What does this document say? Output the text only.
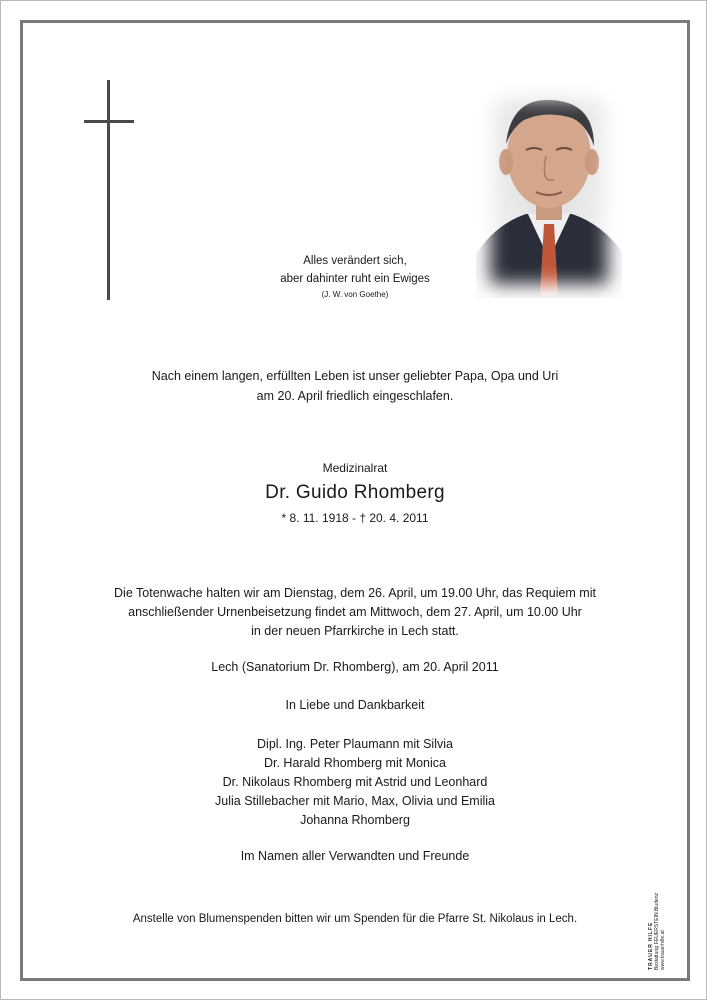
Alles verändert sich,
aber dahinter ruht ein Ewiges
(J. W. von Goethe)
Nach einem langen, erfüllten Leben ist unser geliebter Papa, Opa und Uri
am 20. April friedlich eingeschlafen.
Medizinalrat
Dr. Guido Rhomberg
* 8. 11. 1918 - † 20. 4. 2011
Die Totenwache halten wir am Dienstag, dem 26. April, um 19.00 Uhr, das Requiem mit
anschließender Urnenbeisetzung findet am Mittwoch, dem 27. April, um 10.00 Uhr
in der neuen Pfarrkirche in Lech statt.
Lech (Sanatorium Dr. Rhomberg), am 20. April 2011
In Liebe und Dankbarkeit
Dipl. Ing. Peter Plaumann mit Silvia
Dr. Harald Rhomberg mit Monica
Dr. Nikolaus Rhomberg mit Astrid und Leonhard
Julia Stillebacher mit Mario, Max, Olivia und Emilia
Johanna Rhomberg
Im Namen aller Verwandten und Freunde
Anstelle von Blumenspenden bitten wir um Spenden für die Pfarre St. Nikolaus in Lech.
TRAUER
HILFE
Bestattung
FEUERSTEIN Bludenz
www.trauerhilfe.at
